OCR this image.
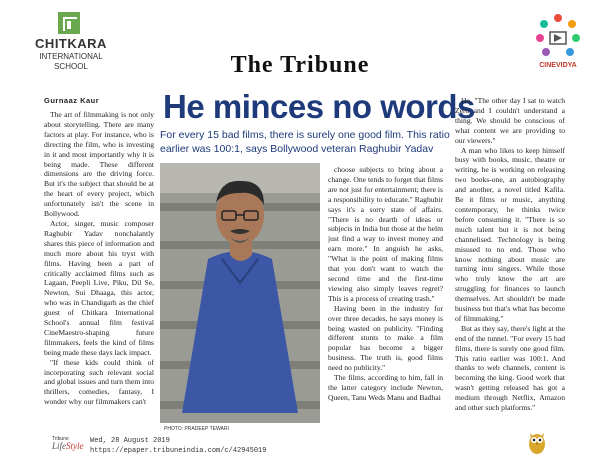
CHITKARA
INTERNATIONAL
SCHOOL	CINEVIDYA
The Tribune
Gurnaaz Kaur He minces no words
For every 15 bad films, there is surely one good film. This ratio earlier was 100:1, says Bollywood veteran Raghubir Yadav

The art of filmmaking is not only about storytelling. There are many factors at play. For instance, who is directing the film, who is investing in it and most importantly why it is being made. These different dimensions are the driving force. But it's the subject that should be at the heart of every project, which unfortunately isn't the scene in Bollywood.

Actor, singer, music composer Raghubir Yadav nonchalantly shares this piece of information and much more about his tryst with films. Having been a part of critically acclaimed films such as Lagaan, Peepli Live, Piku, Dil Se, Newton, Sui Dhaaga, this actor, who was in Chandigarh as the chief guest of Chitkara International School's annual film festival CineMaestro-shaping future filmmakers, feels the kind of films being made these days lack impact.

"If these kids could think of incorporating such relevant social and global issues and turn them into thrillers, comedies, fantasy, I wonder why our filmmakers can't

PHOTO: PRADEEP TEWARI

choose subjects to bring about a change. One tends to forget that films are not just for entertainment; there is a responsibility to educate." Raghubir says it's a sorry state of affairs. "There is no dearth of ideas or subjects in India but those at the helm just find a way to invest money and earn more." In anguish he asks, "What is the point of making films that you don't want to watch the second time and the first-time viewing also simply leaves regret? This is a process of creating trash."

Having been in the industry for over three decades, he says money is being wasted on publicity. "Finding different stunts to make a film popular has become a bigger business. The truth is, good films need no publicity."

The films, according to him, fall in the latter category include Newton, Queen, Tanu Weds Manu and Badhai

Ho. "The other day I sat to watch Zero and I couldn't understand a thing. We should be conscious of what content we are providing to our viewers."

A man who likes to keep himself busy with books, music, theatre or writing, he is working on releasing two books-one, an autobiography and another, a novel titled Kafila. Be it films or music, anything contemporary, he thinks twice before consuming it. "There is so much talent but it is not being channelised. Technology is being misused to no end. Those who know nothing about music are turning into singers. While those who truly know the art are struggling for finances to launch themselves. Art shouldn't be made business but that's what has become of filmmaking."

But as they say, there's light at the end of the tunnel. "For every 15 bad films, there is surely one good film. This ratio earlier was 100:1. And thanks to web channels, content is becoming the king. Good work that wasn't getting released has got a medium through Netflix, Amazon and other such platforms."

Tribune
Life Style Wed, 28 August 2019
https://epaper.tribuneindia.com/c/42945019
